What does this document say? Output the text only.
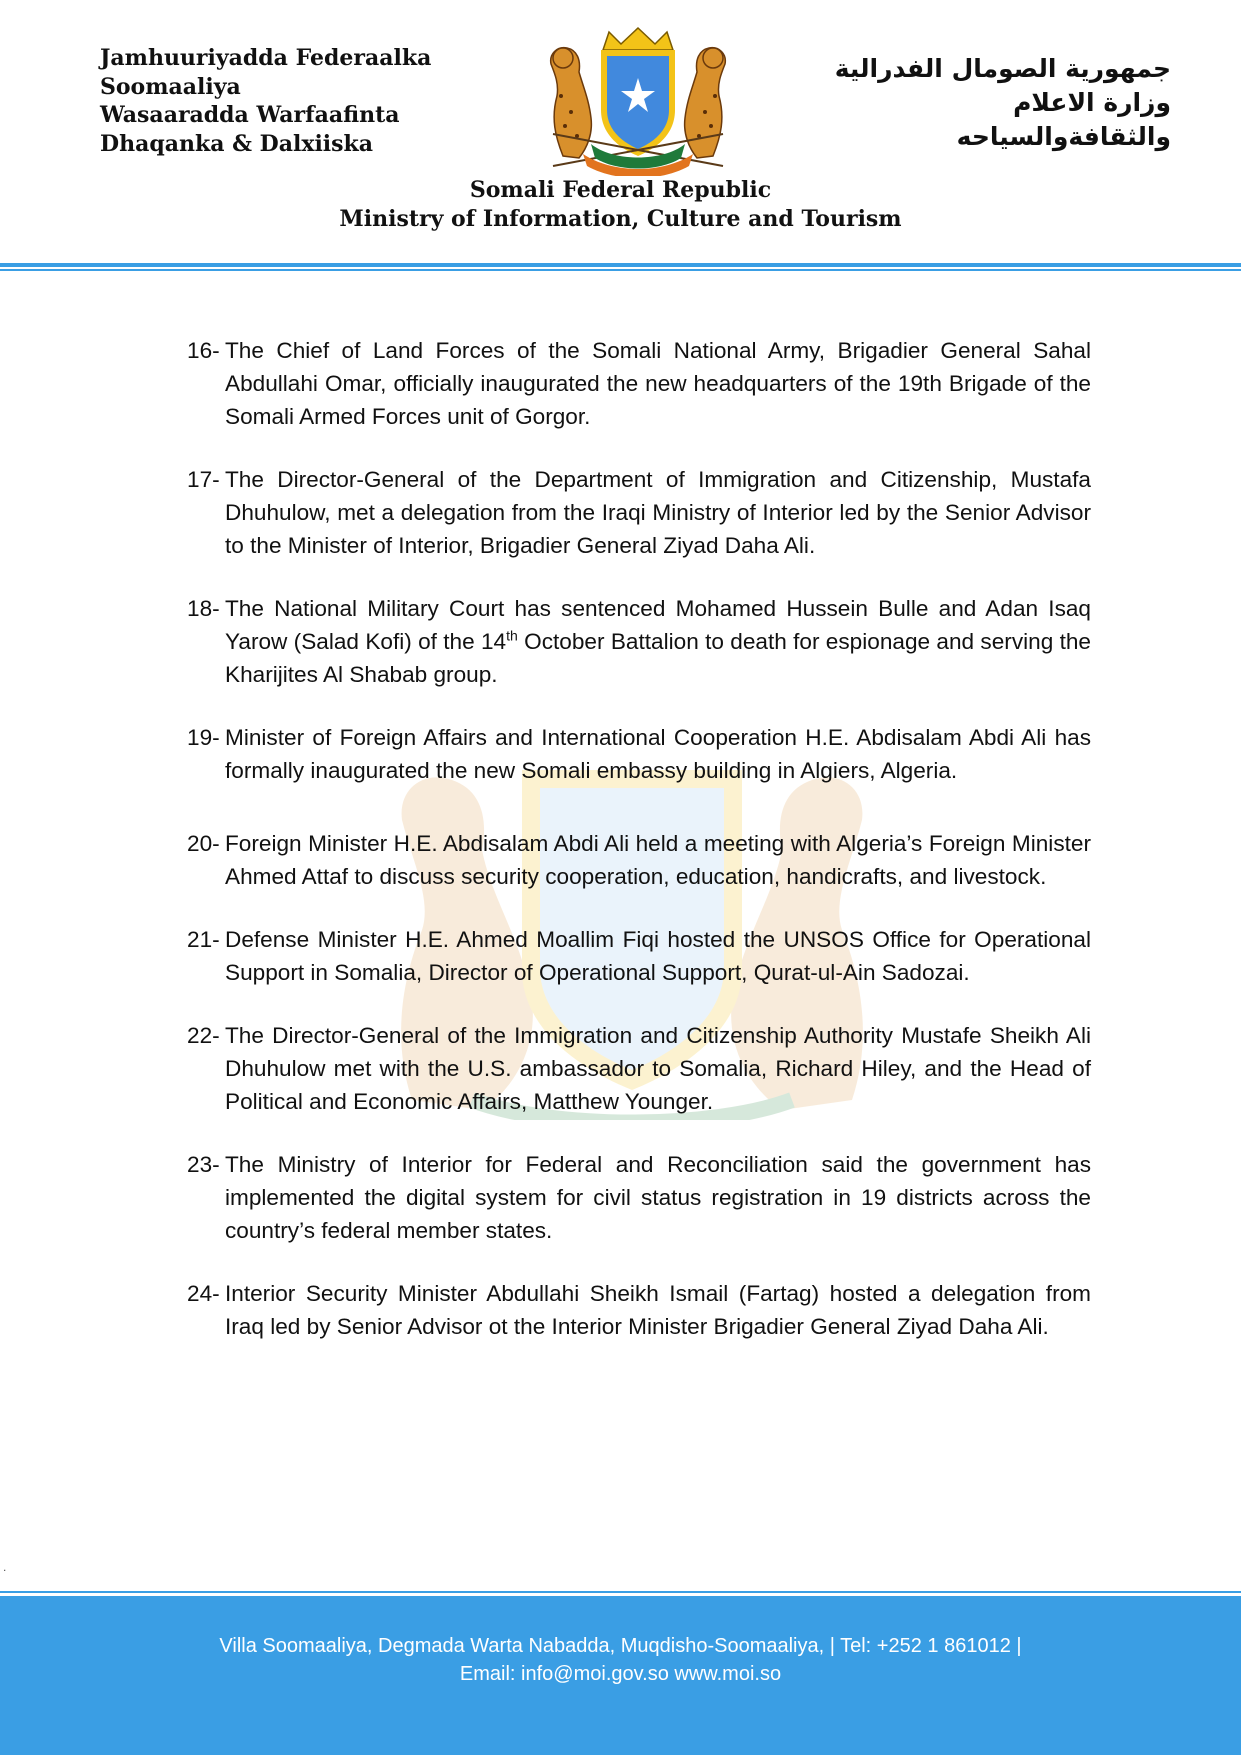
Jamhuuriyadda Federaalka
Soomaaliya
Wasaaradda Warfaafinta
Dhaqanka & Dalxiiska
جمهورية الصومال الفدرالية
وزارة الاعلام
والثقافةوالسياحه
Somali Federal Republic
Ministry of Information, Culture and Tourism
16- The Chief of Land Forces of the Somali National Army, Brigadier General Sahal Abdullahi Omar, officially inaugurated the new headquarters of the 19th Brigade of the Somali Armed Forces unit of Gorgor.
17- The Director-General of the Department of Immigration and Citizenship, Mustafa Dhuhulow, met a delegation from the Iraqi Ministry of Interior led by the Senior Advisor to the Minister of Interior, Brigadier General Ziyad Daha Ali.
18- The National Military Court has sentenced Mohamed Hussein Bulle and Adan Isaq Yarow (Salad Kofi) of the 14th October Battalion to death for espionage and serving the Kharijites Al Shabab group.
19- Minister of Foreign Affairs and International Cooperation H.E. Abdisalam Abdi Ali has formally inaugurated the new Somali embassy building in Algiers, Algeria.
20- Foreign Minister H.E. Abdisalam Abdi Ali held a meeting with Algeria’s Foreign Minister Ahmed Attaf to discuss security cooperation, education, handicrafts, and livestock.
21- Defense Minister H.E. Ahmed Moallim Fiqi hosted the UNSOS Office for Operational Support in Somalia, Director of Operational Support, Qurat-ul-Ain Sadozai.
22- The Director-General of the Immigration and Citizenship Authority Mustafe Sheikh Ali Dhuhulow met with the U.S. ambassador to Somalia, Richard Hiley, and the Head of Political and Economic Affairs, Matthew Younger.
23- The Ministry of Interior for Federal and Reconciliation said the government has implemented the digital system for civil status registration in 19 districts across the country’s federal member states.
24- Interior Security Minister Abdullahi Sheikh Ismail (Fartag) hosted a delegation from Iraq led by Senior Advisor ot the Interior Minister Brigadier General Ziyad Daha Ali.
.
Villa Soomaaliya, Degmada Warta Nabadda, Muqdisho-Soomaaliya, | Tel: +252 1 861012 |
Email: info@moi.gov.so www.moi.so
